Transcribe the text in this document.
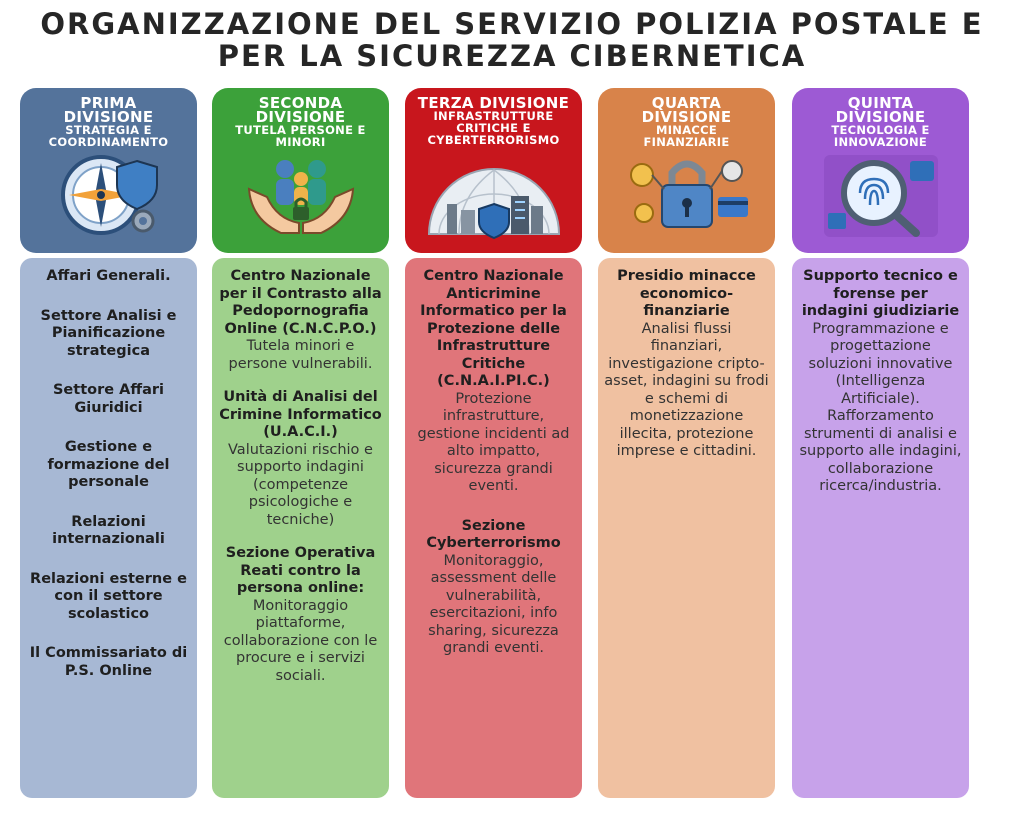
ORGANIZZAZIONE DEL SERVIZIO POLIZIA POSTALE E
PER LA SICUREZZA CIBERNETICA
PRIMA
DIVISIONE
STRATEGIA E
COORDINAMENTO
Affari Generali.
Settore Analisi e Pianificazione strategica
Settore Affari Giuridici
Gestione e formazione del personale
Relazioni internazionali
Relazioni esterne e con il settore scolastico
Il Commissariato di P.S. Online
SECONDA
DIVISIONE
TUTELA PERSONE E
MINORI
Centro Nazionale per il Contrasto alla Pedopornografia Online (C.N.C.P.O.)
Tutela minori e persone vulnerabili.
Unità di Analisi del Crimine Informatico (U.A.C.I.)
Valutazioni rischio e supporto indagini (competenze psicologiche e tecniche)
Sezione Operativa Reati contro la persona online:
Monitoraggio piattaforme, collaborazione con le procure e i servizi sociali.
TERZA DIVISIONE
INFRASTRUTTURE
CRITICHE E
CYBERTERRORISMO
Centro Nazionale Anticrimine Informatico per la Protezione delle Infrastrutture Critiche (C.N.A.I.PI.C.)
Protezione infrastrutture, gestione incidenti ad alto impatto, sicurezza grandi eventi.
Sezione Cyberterrorismo
Monitoraggio, assessment delle vulnerabilità, esercitazioni, info sharing, sicurezza grandi eventi.
QUARTA
DIVISIONE
MINACCE
FINANZIARIE
Presidio minacce economico-finanziarie
Analisi flussi finanziari, investigazione cripto-asset, indagini su frodi e schemi di monetizzazione illecita, protezione imprese e cittadini.
QUINTA
DIVISIONE
TECNOLOGIA E
INNOVAZIONE
Supporto tecnico e forense per indagini giudiziarie
Programmazione e progettazione soluzioni innovative (Intelligenza Artificiale). Rafforzamento strumenti di analisi e supporto alle indagini, collaborazione ricerca/industria.
